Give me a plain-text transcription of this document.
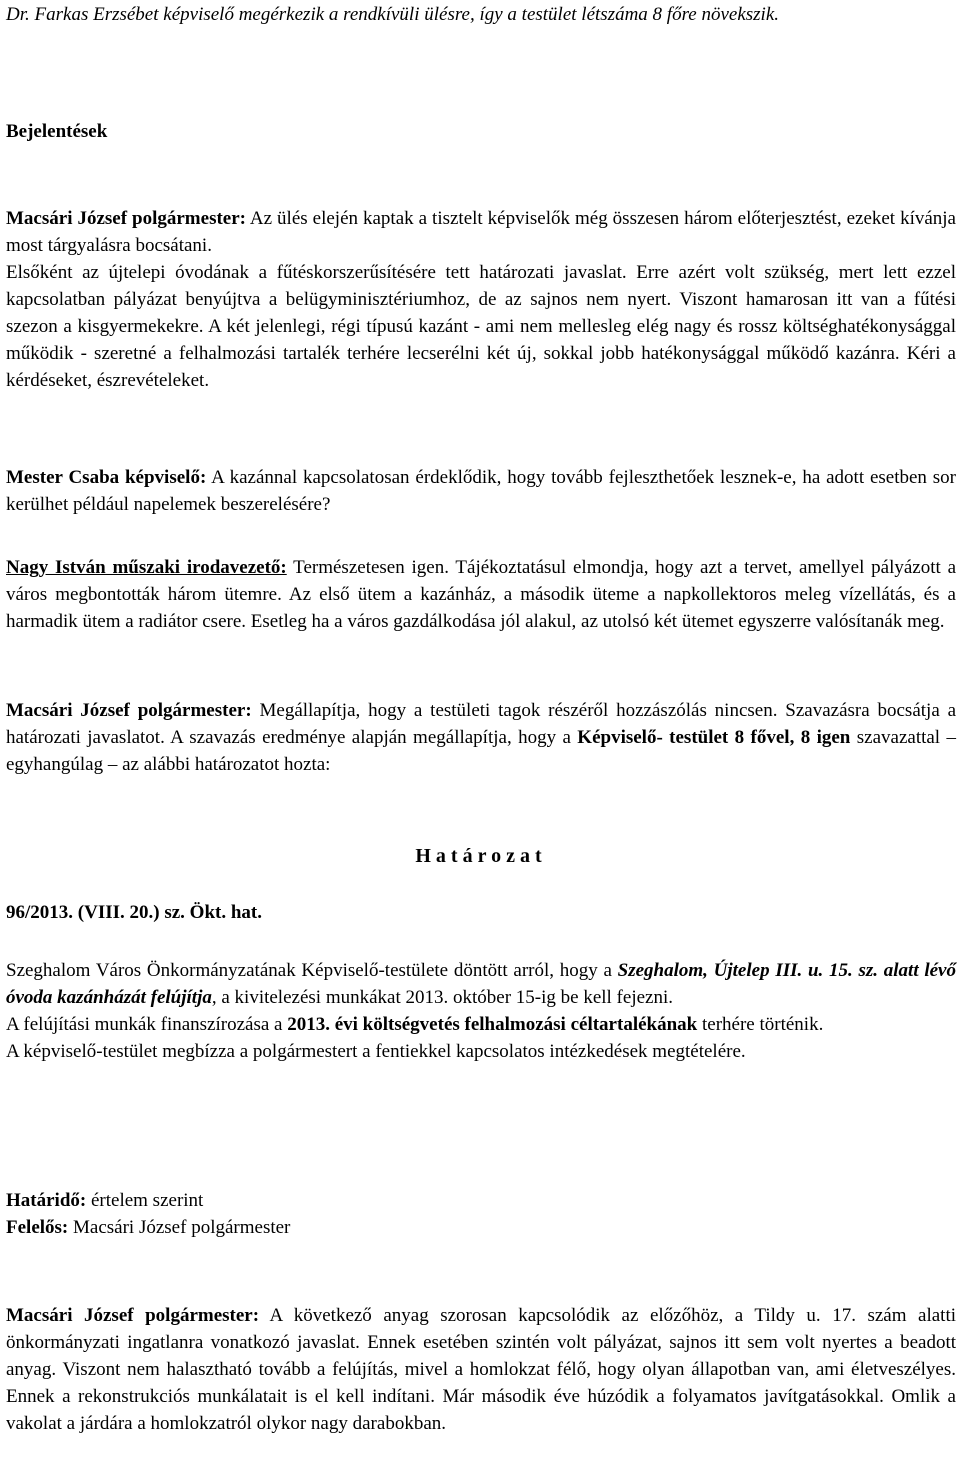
Dr. Farkas Erzsébet képviselő megérkezik a rendkívüli ülésre, így a testület létszáma 8 főre növekszik.

Bejelentések

Macsári József polgármester: Az ülés elején kaptak a tisztelt képviselők még összesen három előterjesztést, ezeket kívánja most tárgyalásra bocsátani.

Elsőként az újtelepi óvodának a fűtéskorszerűsítésére tett határozati javaslat. Erre azért volt szükség, mert lett ezzel kapcsolatban pályázat benyújtva a belügyminisztériumhoz, de az sajnos nem nyert. Viszont hamarosan itt van a fűtési szezon a kisgyermekekre. A két jelenlegi, régi típusú kazánt - ami nem mellesleg elég nagy és rossz költséghatékonysággal működik - szeretné a felhalmozási tartalék terhére lecserélni két új, sokkal jobb hatékonysággal működő kazánra. Kéri a kérdéseket, észrevételeket.

Mester Csaba képviselő: A kazánnal kapcsolatosan érdeklődik, hogy tovább fejleszthetőek lesznek-e, ha adott esetben sor kerülhet például napelemek beszerelésére?

Nagy István műszaki irodavezető: Természetesen igen. Tájékoztatásul elmondja, hogy azt a tervet, amellyel pályázott a város megbontották három ütemre. Az első ütem a kazánház, a második üteme a napkollektoros meleg vízellátás, és a harmadik ütem a radiátor csere. Esetleg ha a város gazdálkodása jól alakul, az utolsó két ütemet egyszerre valósítanák meg.

Macsári József polgármester: Megállapítja, hogy a testületi tagok részéről hozzászólás nincsen. Szavazásra bocsátja a határozati javaslatot. A szavazás eredménye alapján megállapítja, hogy a Képviselő- testület 8 fővel, 8 igen szavazattal – egyhangúlag – az alábbi határozatot hozta:

Határozat

96/2013. (VIII. 20.) sz. Ökt. hat.

Szeghalom Város Önkormányzatának Képviselő-testülete döntött arról, hogy a Szeghalom, Újtelep III. u. 15. sz. alatt lévő óvoda kazánházát felújítja, a kivitelezési munkákat 2013. október 15-ig be kell fejezni.

A felújítási munkák finanszírozása a 2013. évi költségvetés felhalmozási céltartalékának terhére történik.

A képviselő-testület megbízza a polgármestert a fentiekkel kapcsolatos intézkedések megtételére.

Határidő: értelem szerint

Felelős: Macsári József polgármester

Macsári József polgármester: A következő anyag szorosan kapcsolódik az előzőhöz, a Tildy u. 17. szám alatti önkormányzati ingatlanra vonatkozó javaslat. Ennek esetében szintén volt pályázat, sajnos itt sem volt nyertes a beadott anyag. Viszont nem halasztható tovább a felújítás, mivel a homlokzat félő, hogy olyan állapotban van, ami életveszélyes. Ennek a rekonstrukciós munkálatait is el kell indítani. Már második éve húzódik a folyamatos javítgatásokkal. Omlik a vakolat a járdára a homlokzatról olykor nagy darabokban.
